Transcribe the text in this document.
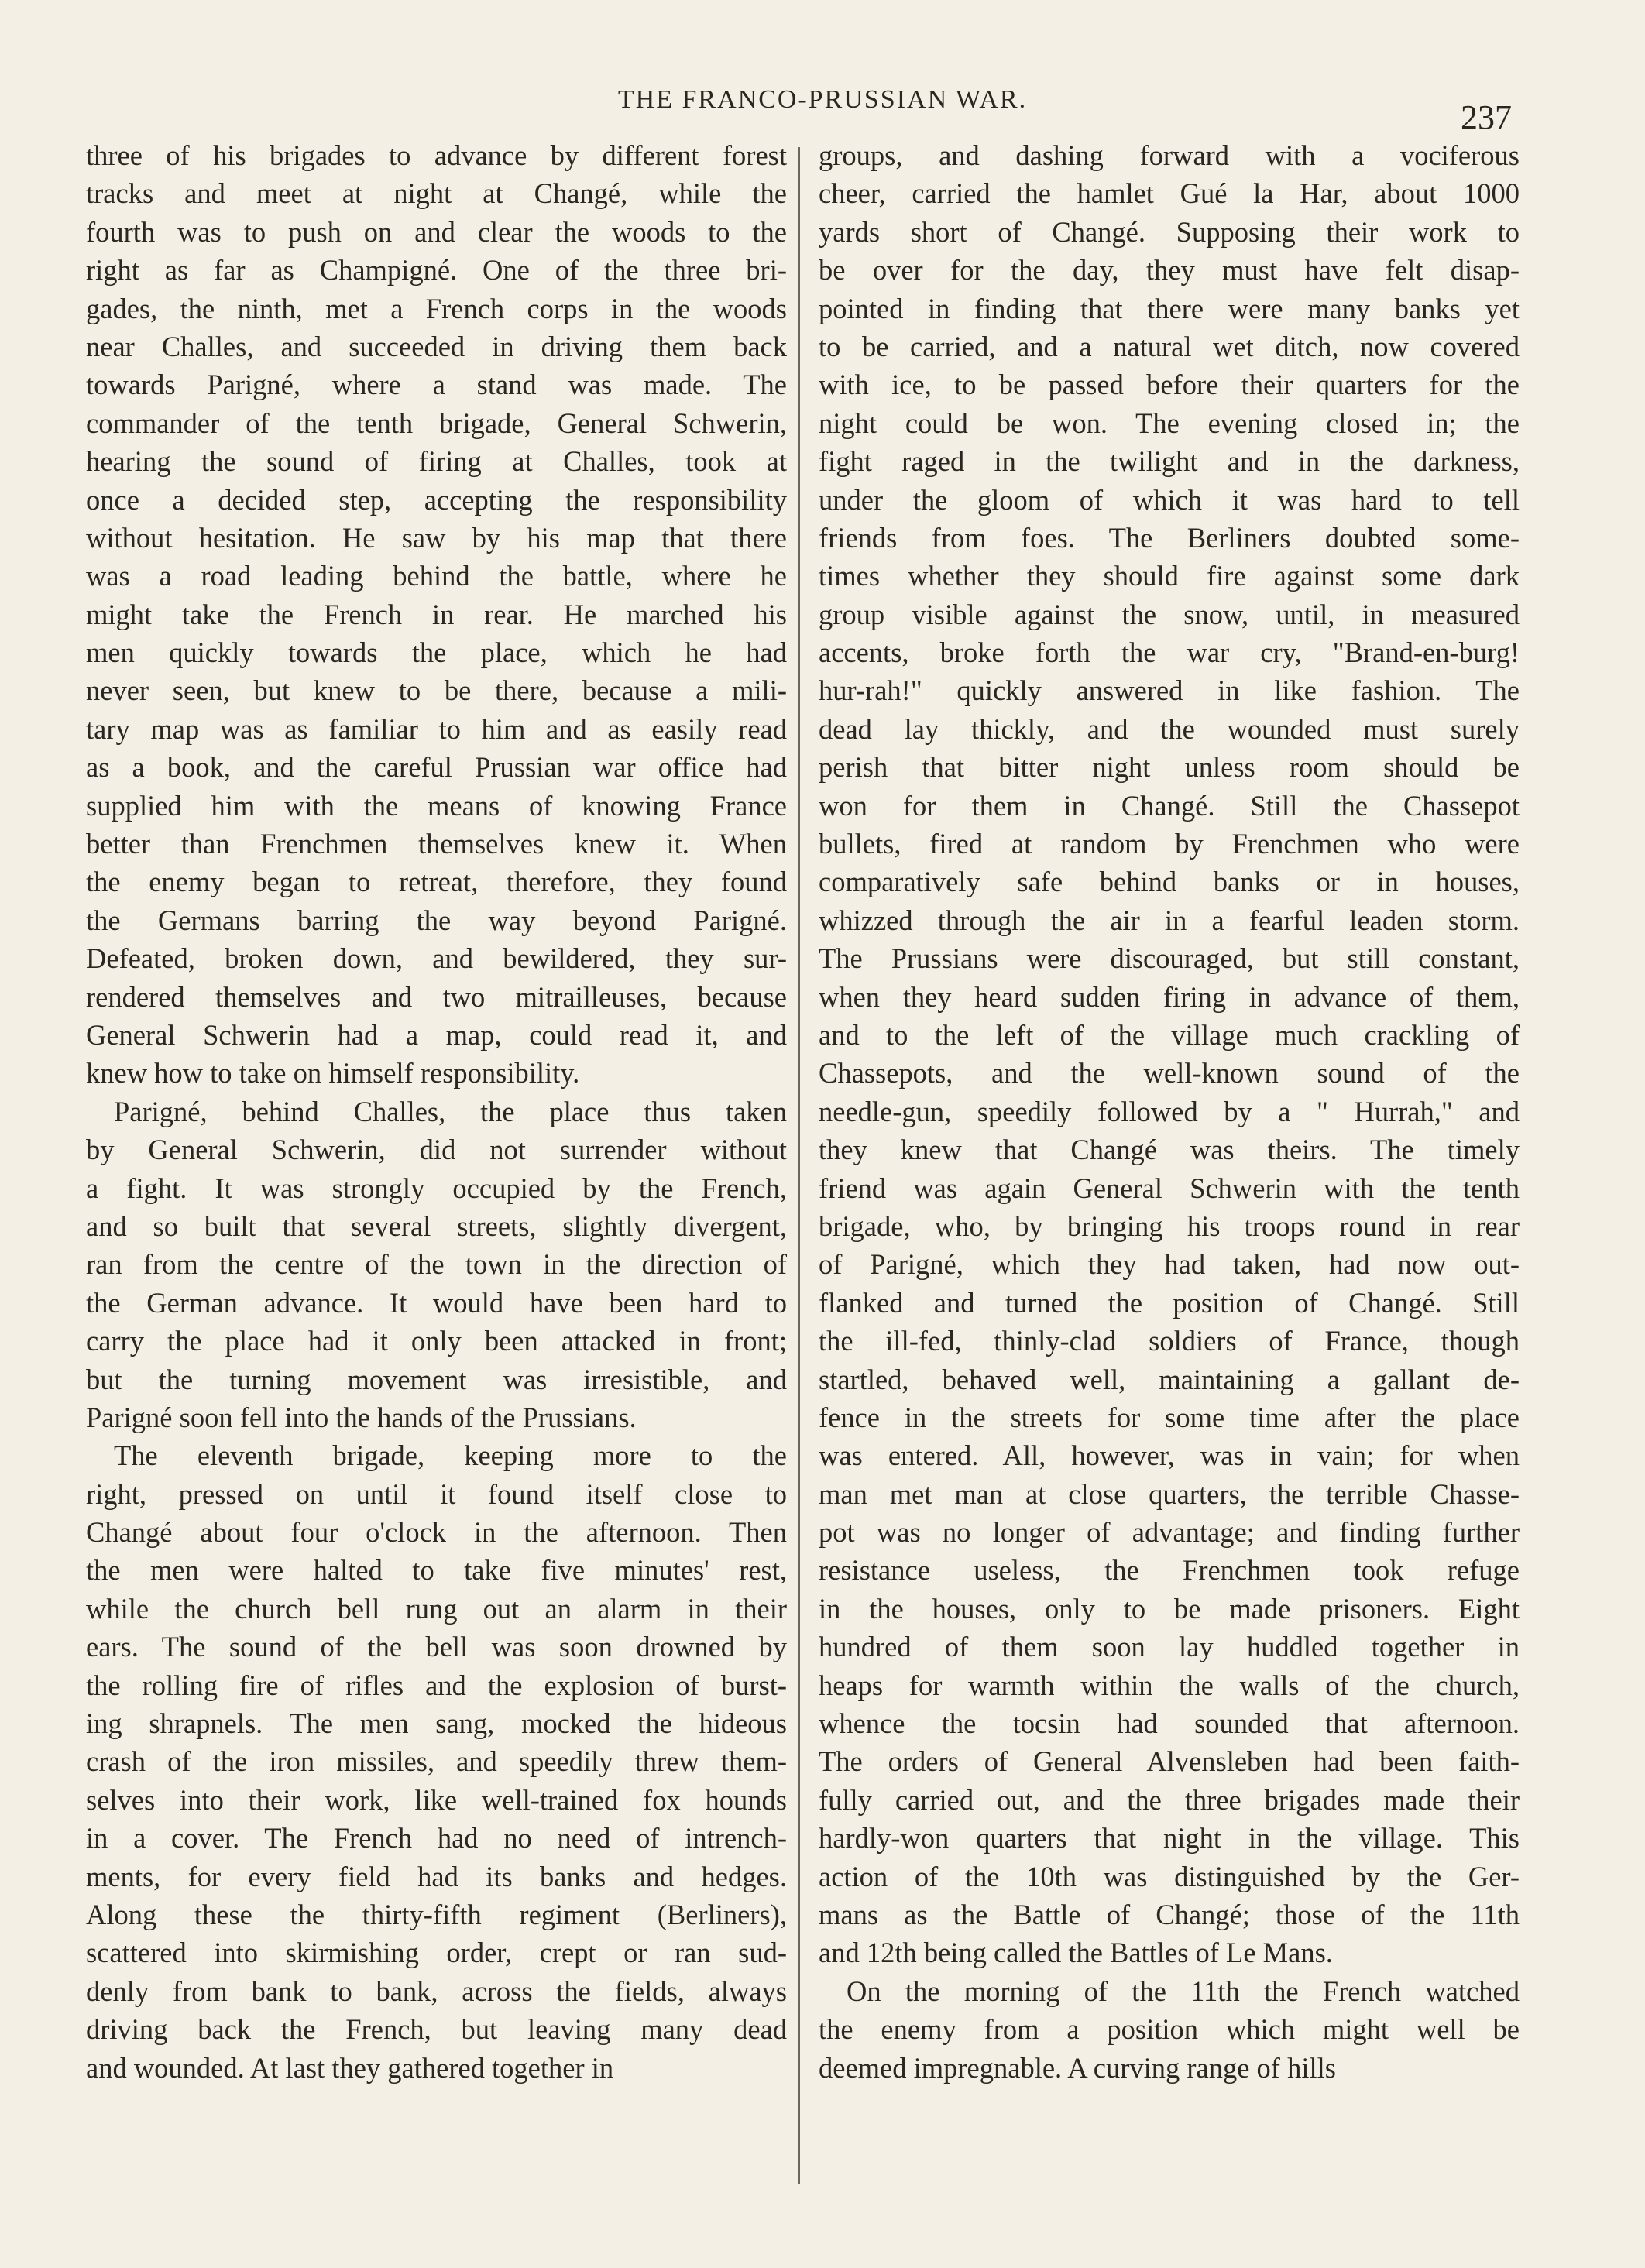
THE FRANCO-PRUSSIAN WAR.	237
three of his brigades to advance by different forest
tracks and meet at night at Changé, while the
fourth was to push on and clear the woods to the
right as far as Champigné. One of the three bri-
gades, the ninth, met a French corps in the woods
near Challes, and succeeded in driving them back
towards Parigné, where a stand was made. The
commander of the tenth brigade, General Schwerin,
hearing the sound of firing at Challes, took at
once a decided step, accepting the responsibility
without hesitation. He saw by his map that there
was a road leading behind the battle, where he
might take the French in rear. He marched his
men quickly towards the place, which he had
never seen, but knew to be there, because a mili-
tary map was as familiar to him and as easily read
as a book, and the careful Prussian war office had
supplied him with the means of knowing France
better than Frenchmen themselves knew it. When
the enemy began to retreat, therefore, they found
the Germans barring the way beyond Parigné.
Defeated, broken down, and bewildered, they sur-
rendered themselves and two mitrailleuses, because
General Schwerin had a map, could read it, and
knew how to take on himself responsibility.
Parigné, behind Challes, the place thus taken
by General Schwerin, did not surrender without
a fight. It was strongly occupied by the French,
and so built that several streets, slightly divergent,
ran from the centre of the town in the direction of
the German advance. It would have been hard to
carry the place had it only been attacked in front;
but the turning movement was irresistible, and
Parigné soon fell into the hands of the Prussians.
The eleventh brigade, keeping more to the
right, pressed on until it found itself close to
Changé about four o'clock in the afternoon. Then
the men were halted to take five minutes' rest,
while the church bell rung out an alarm in their
ears. The sound of the bell was soon drowned by
the rolling fire of rifles and the explosion of burst-
ing shrapnels. The men sang, mocked the hideous
crash of the iron missiles, and speedily threw them-
selves into their work, like well-trained fox hounds
in a cover. The French had no need of intrench-
ments, for every field had its banks and hedges.
Along these the thirty-fifth regiment (Berliners),
scattered into skirmishing order, crept or ran sud-
denly from bank to bank, across the fields, always
driving back the French, but leaving many dead
and wounded. At last they gathered together in
groups, and dashing forward with a vociferous
cheer, carried the hamlet Gué la Har, about 1000
yards short of Changé. Supposing their work to
be over for the day, they must have felt disap-
pointed in finding that there were many banks yet
to be carried, and a natural wet ditch, now covered
with ice, to be passed before their quarters for the
night could be won. The evening closed in; the
fight raged in the twilight and in the darkness,
under the gloom of which it was hard to tell
friends from foes. The Berliners doubted some-
times whether they should fire against some dark
group visible against the snow, until, in measured
accents, broke forth the war cry, "Brand-en-burg!
hur-rah!" quickly answered in like fashion. The
dead lay thickly, and the wounded must surely
perish that bitter night unless room should be
won for them in Changé. Still the Chassepot
bullets, fired at random by Frenchmen who were
comparatively safe behind banks or in houses,
whizzed through the air in a fearful leaden storm.
The Prussians were discouraged, but still constant,
when they heard sudden firing in advance of them,
and to the left of the village much crackling of
Chassepots, and the well-known sound of the
needle-gun, speedily followed by a " Hurrah," and
they knew that Changé was theirs. The timely
friend was again General Schwerin with the tenth
brigade, who, by bringing his troops round in rear
of Parigné, which they had taken, had now out-
flanked and turned the position of Changé. Still
the ill-fed, thinly-clad soldiers of France, though
startled, behaved well, maintaining a gallant de-
fence in the streets for some time after the place
was entered. All, however, was in vain; for when
man met man at close quarters, the terrible Chasse-
pot was no longer of advantage; and finding further
resistance useless, the Frenchmen took refuge
in the houses, only to be made prisoners. Eight
hundred of them soon lay huddled together in
heaps for warmth within the walls of the church,
whence the tocsin had sounded that afternoon.
The orders of General Alvensleben had been faith-
fully carried out, and the three brigades made their
hardly-won quarters that night in the village. This
action of the 10th was distinguished by the Ger-
mans as the Battle of Changé; those of the 11th
and 12th being called the Battles of Le Mans.
On the morning of the 11th the French watched
the enemy from a position which might well be
deemed impregnable. A curving range of hills
